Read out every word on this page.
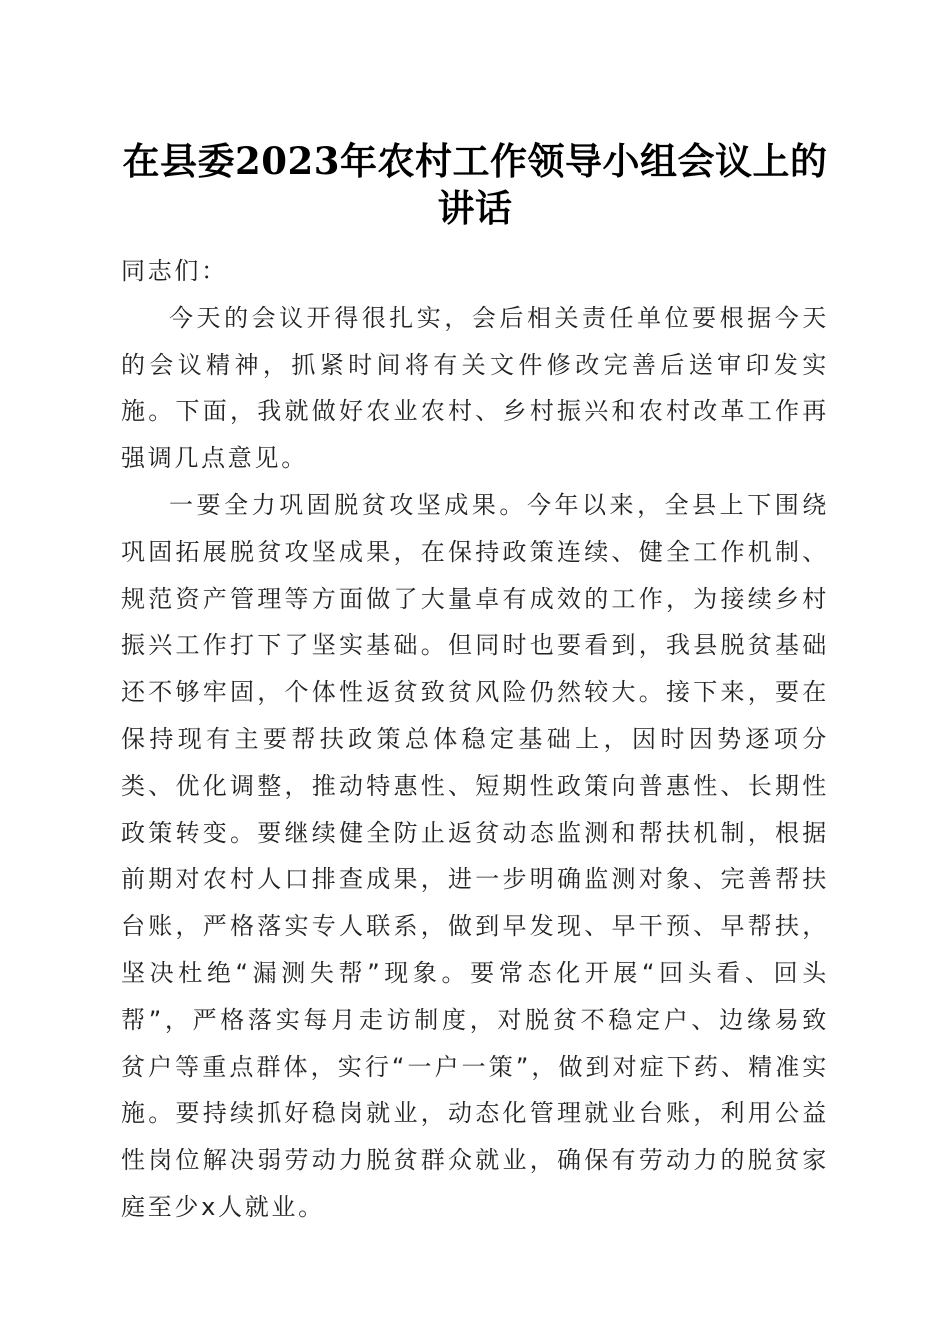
在县委2023年农村工作领导小组会议上的讲话

同志们：

今天的会议开得很扎实，会后相关责任单位要根据今天的会议精神，抓紧时间将有关文件修改完善后送审印发实施。下面，我就做好农业农村、乡村振兴和农村改革工作再强调几点意见。

一要全力巩固脱贫攻坚成果。今年以来，全县上下围绕巩固拓展脱贫攻坚成果，在保持政策连续、健全工作机制、规范资产管理等方面做了大量卓有成效的工作，为接续乡村振兴工作打下了坚实基础。但同时也要看到，我县脱贫基础还不够牢固，个体性返贫致贫风险仍然较大。接下来，要在保持现有主要帮扶政策总体稳定基础上，因时因势逐项分类、优化调整，推动特惠性、短期性政策向普惠性、长期性政策转变。要继续健全防止返贫动态监测和帮扶机制，根据前期对农村人口排查成果，进一步明确监测对象、完善帮扶台账，严格落实专人联系，做到早发现、早干预、早帮扶，坚决杜绝“漏测失帮”现象。要常态化开展“回头看、回头帮”，严格落实每月走访制度，对脱贫不稳定户、边缘易致贫户等重点群体，实行“一户一策”，做到对症下药、精准实施。要持续抓好稳岗就业，动态化管理就业台账，利用公益性岗位解决弱劳动力脱贫群众就业，确保有劳动力的脱贫家庭至少x人就业。
